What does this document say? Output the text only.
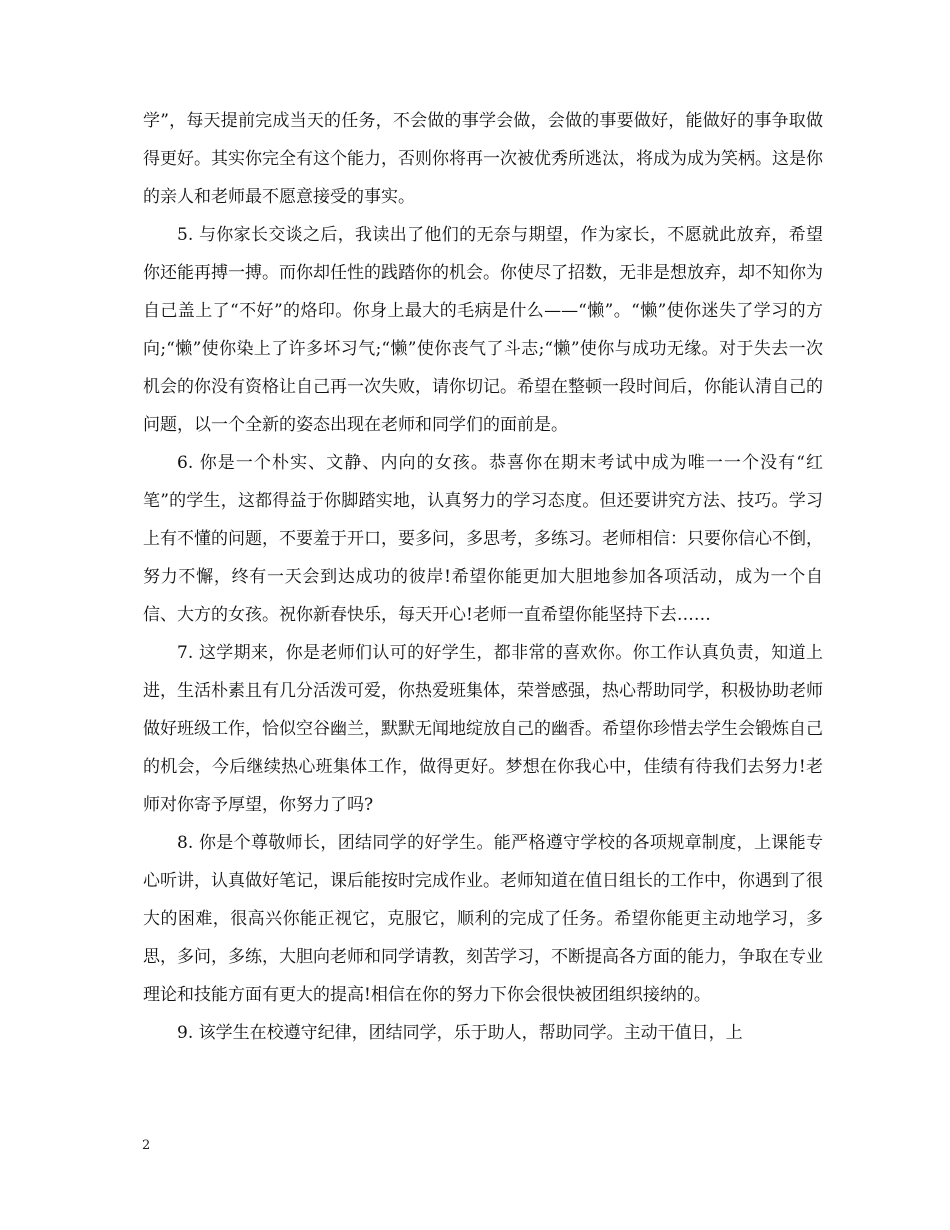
学”，每天提前完成当天的任务，不会做的事学会做，会做的事要做好，能做好的事争取做得更好。其实你完全有这个能力，否则你将再一次被优秀所逃汰，将成为成为笑柄。这是你的亲人和老师最不愿意接受的事实。

5. 与你家长交谈之后，我读出了他们的无奈与期望，作为家长，不愿就此放弃，希望你还能再搏一搏。而你却任性的践踏你的机会。你使尽了招数，无非是想放弃，却不知你为自己盖上了“不好”的烙印。你身上最大的毛病是什么——“懒”。“懒”使你迷失了学习的方向;“懒”使你染上了许多坏习气;“懒”使你丧气了斗志;“懒”使你与成功无缘。对于失去一次机会的你没有资格让自己再一次失败，请你切记。希望在整顿一段时间后，你能认清自己的问题，以一个全新的姿态出现在老师和同学们的面前是。

6. 你是一个朴实、文静、内向的女孩。恭喜你在期末考试中成为唯一一个没有“红笔”的学生，这都得益于你脚踏实地，认真努力的学习态度。但还要讲究方法、技巧。学习上有不懂的问题，不要羞于开口，要多问，多思考，多练习。老师相信：只要你信心不倒，努力不懈，终有一天会到达成功的彼岸!希望你能更加大胆地参加各项活动，成为一个自信、大方的女孩。祝你新春快乐，每天开心!老师一直希望你能坚持下去……

7. 这学期来，你是老师们认可的好学生，都非常的喜欢你。你工作认真负责，知道上进，生活朴素且有几分活泼可爱，你热爱班集体，荣誉感强，热心帮助同学，积极协助老师做好班级工作，恰似空谷幽兰，默默无闻地绽放自己的幽香。希望你珍惜去学生会锻炼自己的机会，今后继续热心班集体工作，做得更好。梦想在你我心中，佳绩有待我们去努力!老师对你寄予厚望，你努力了吗?

8. 你是个尊敬师长，团结同学的好学生。能严格遵守学校的各项规章制度，上课能专心听讲，认真做好笔记，课后能按时完成作业。老师知道在值日组长的工作中，你遇到了很大的困难，很高兴你能正视它，克服它，顺利的完成了任务。希望你能更主动地学习，多思，多问，多练，大胆向老师和同学请教，刻苦学习，不断提高各方面的能力，争取在专业理论和技能方面有更大的提高!相信在你的努力下你会很快被团组织接纳的。

9. 该学生在校遵守纪律，团结同学，乐于助人，帮助同学。主动干值日，上

2
